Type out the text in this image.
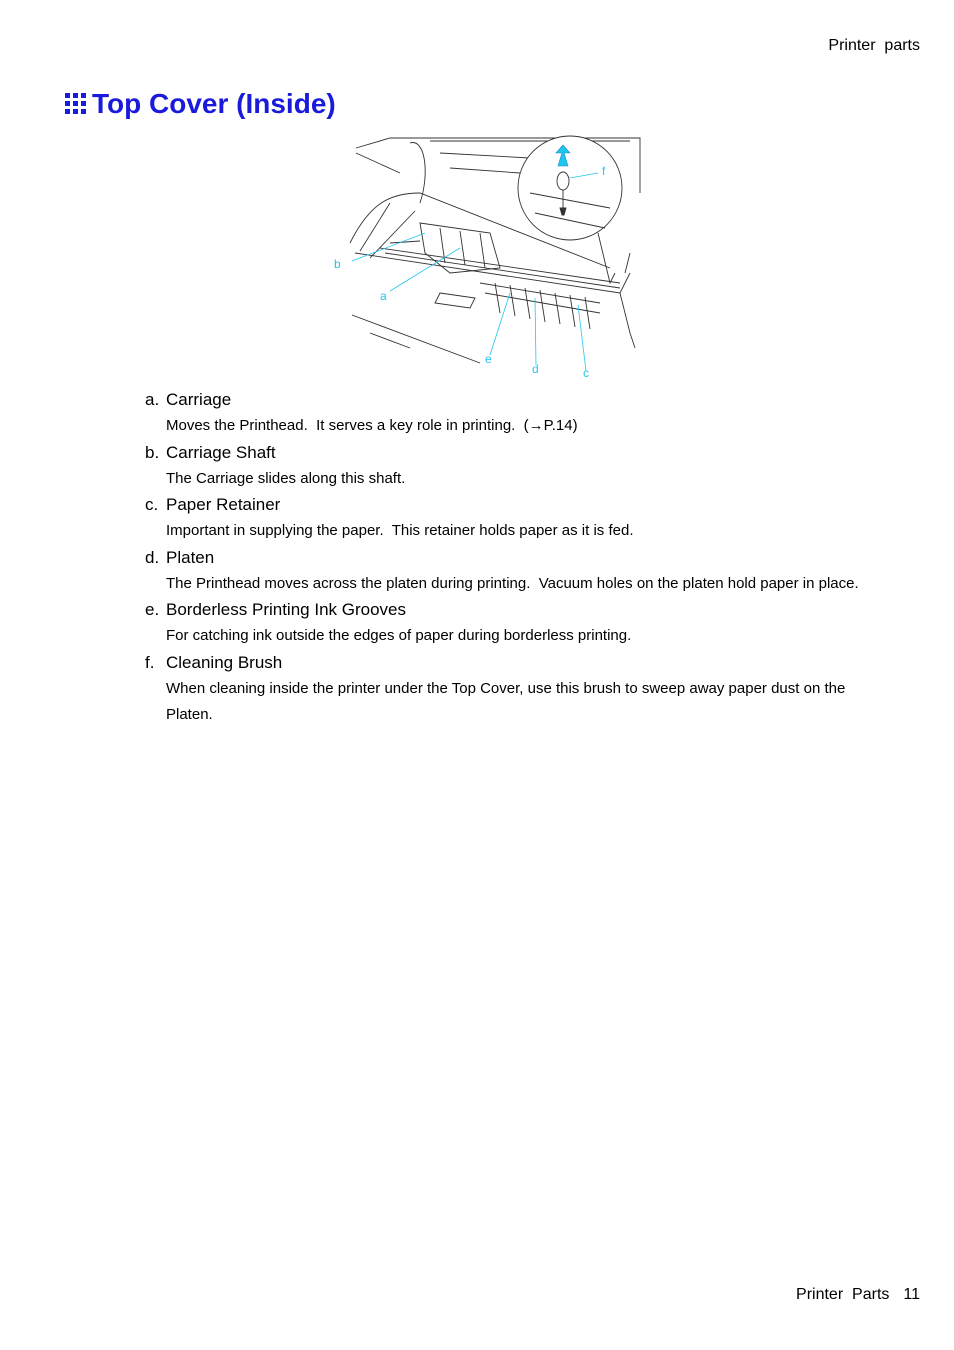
Printer  parts
Top Cover (Inside)
f
b
a
e
d	c
a. Carriage
Moves the Printhead.  It serves a key role in printing.  (→P.14)
b. Carriage Shaft
The Carriage slides along this shaft.
c. Paper Retainer
Important in supplying the paper.  This retainer holds paper as it is fed.
d. Platen
The Printhead moves across the platen during printing.  Vacuum holes on the platen hold paper in place.
e. Borderless Printing Ink Grooves
For catching ink outside the edges of paper during borderless printing.
f. Cleaning Brush
When cleaning inside the printer under the Top Cover, use this brush to sweep away paper dust on the Platen.
Printer  Parts 11
